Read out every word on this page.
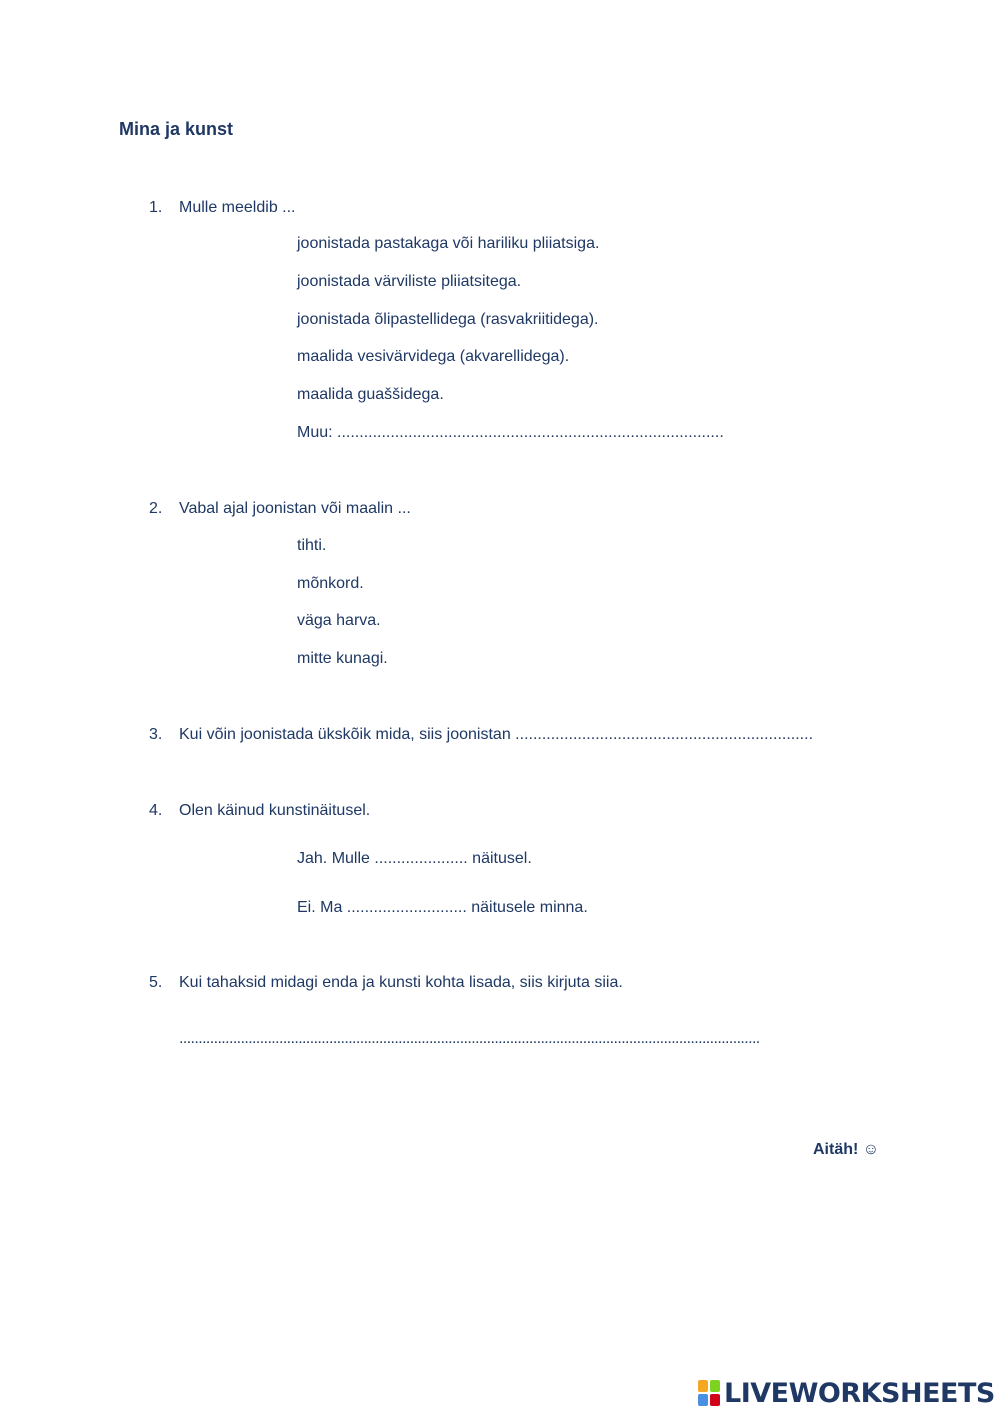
Mina ja kunst
1. Mulle meeldib ...
joonistada pastakaga või hariliku pliiatsiga.
joonistada värviliste pliiatsitega.
joonistada õlipastellidega (rasvakriitidega).
maalida vesivärvidega (akvarellidega).
maalida guaššidega.
Muu: .......................................................................................
2. Vabal ajal joonistan või maalin ...
tihti.
mõnkord.
väga harva.
mitte kunagi.
3. Kui võin joonistada ükskõik mida, siis joonistan ...................................................................
4. Olen käinud kunstinäitusel.
Jah. Mulle ..................... näitusel.
Ei. Ma ........................... näitusele minna.
5. Kui tahaksid midagi enda ja kunsti kohta lisada, siis kirjuta siia.
.......................................................................................................................................................
Aitäh! ☺
LIVEWORKSHEETS
